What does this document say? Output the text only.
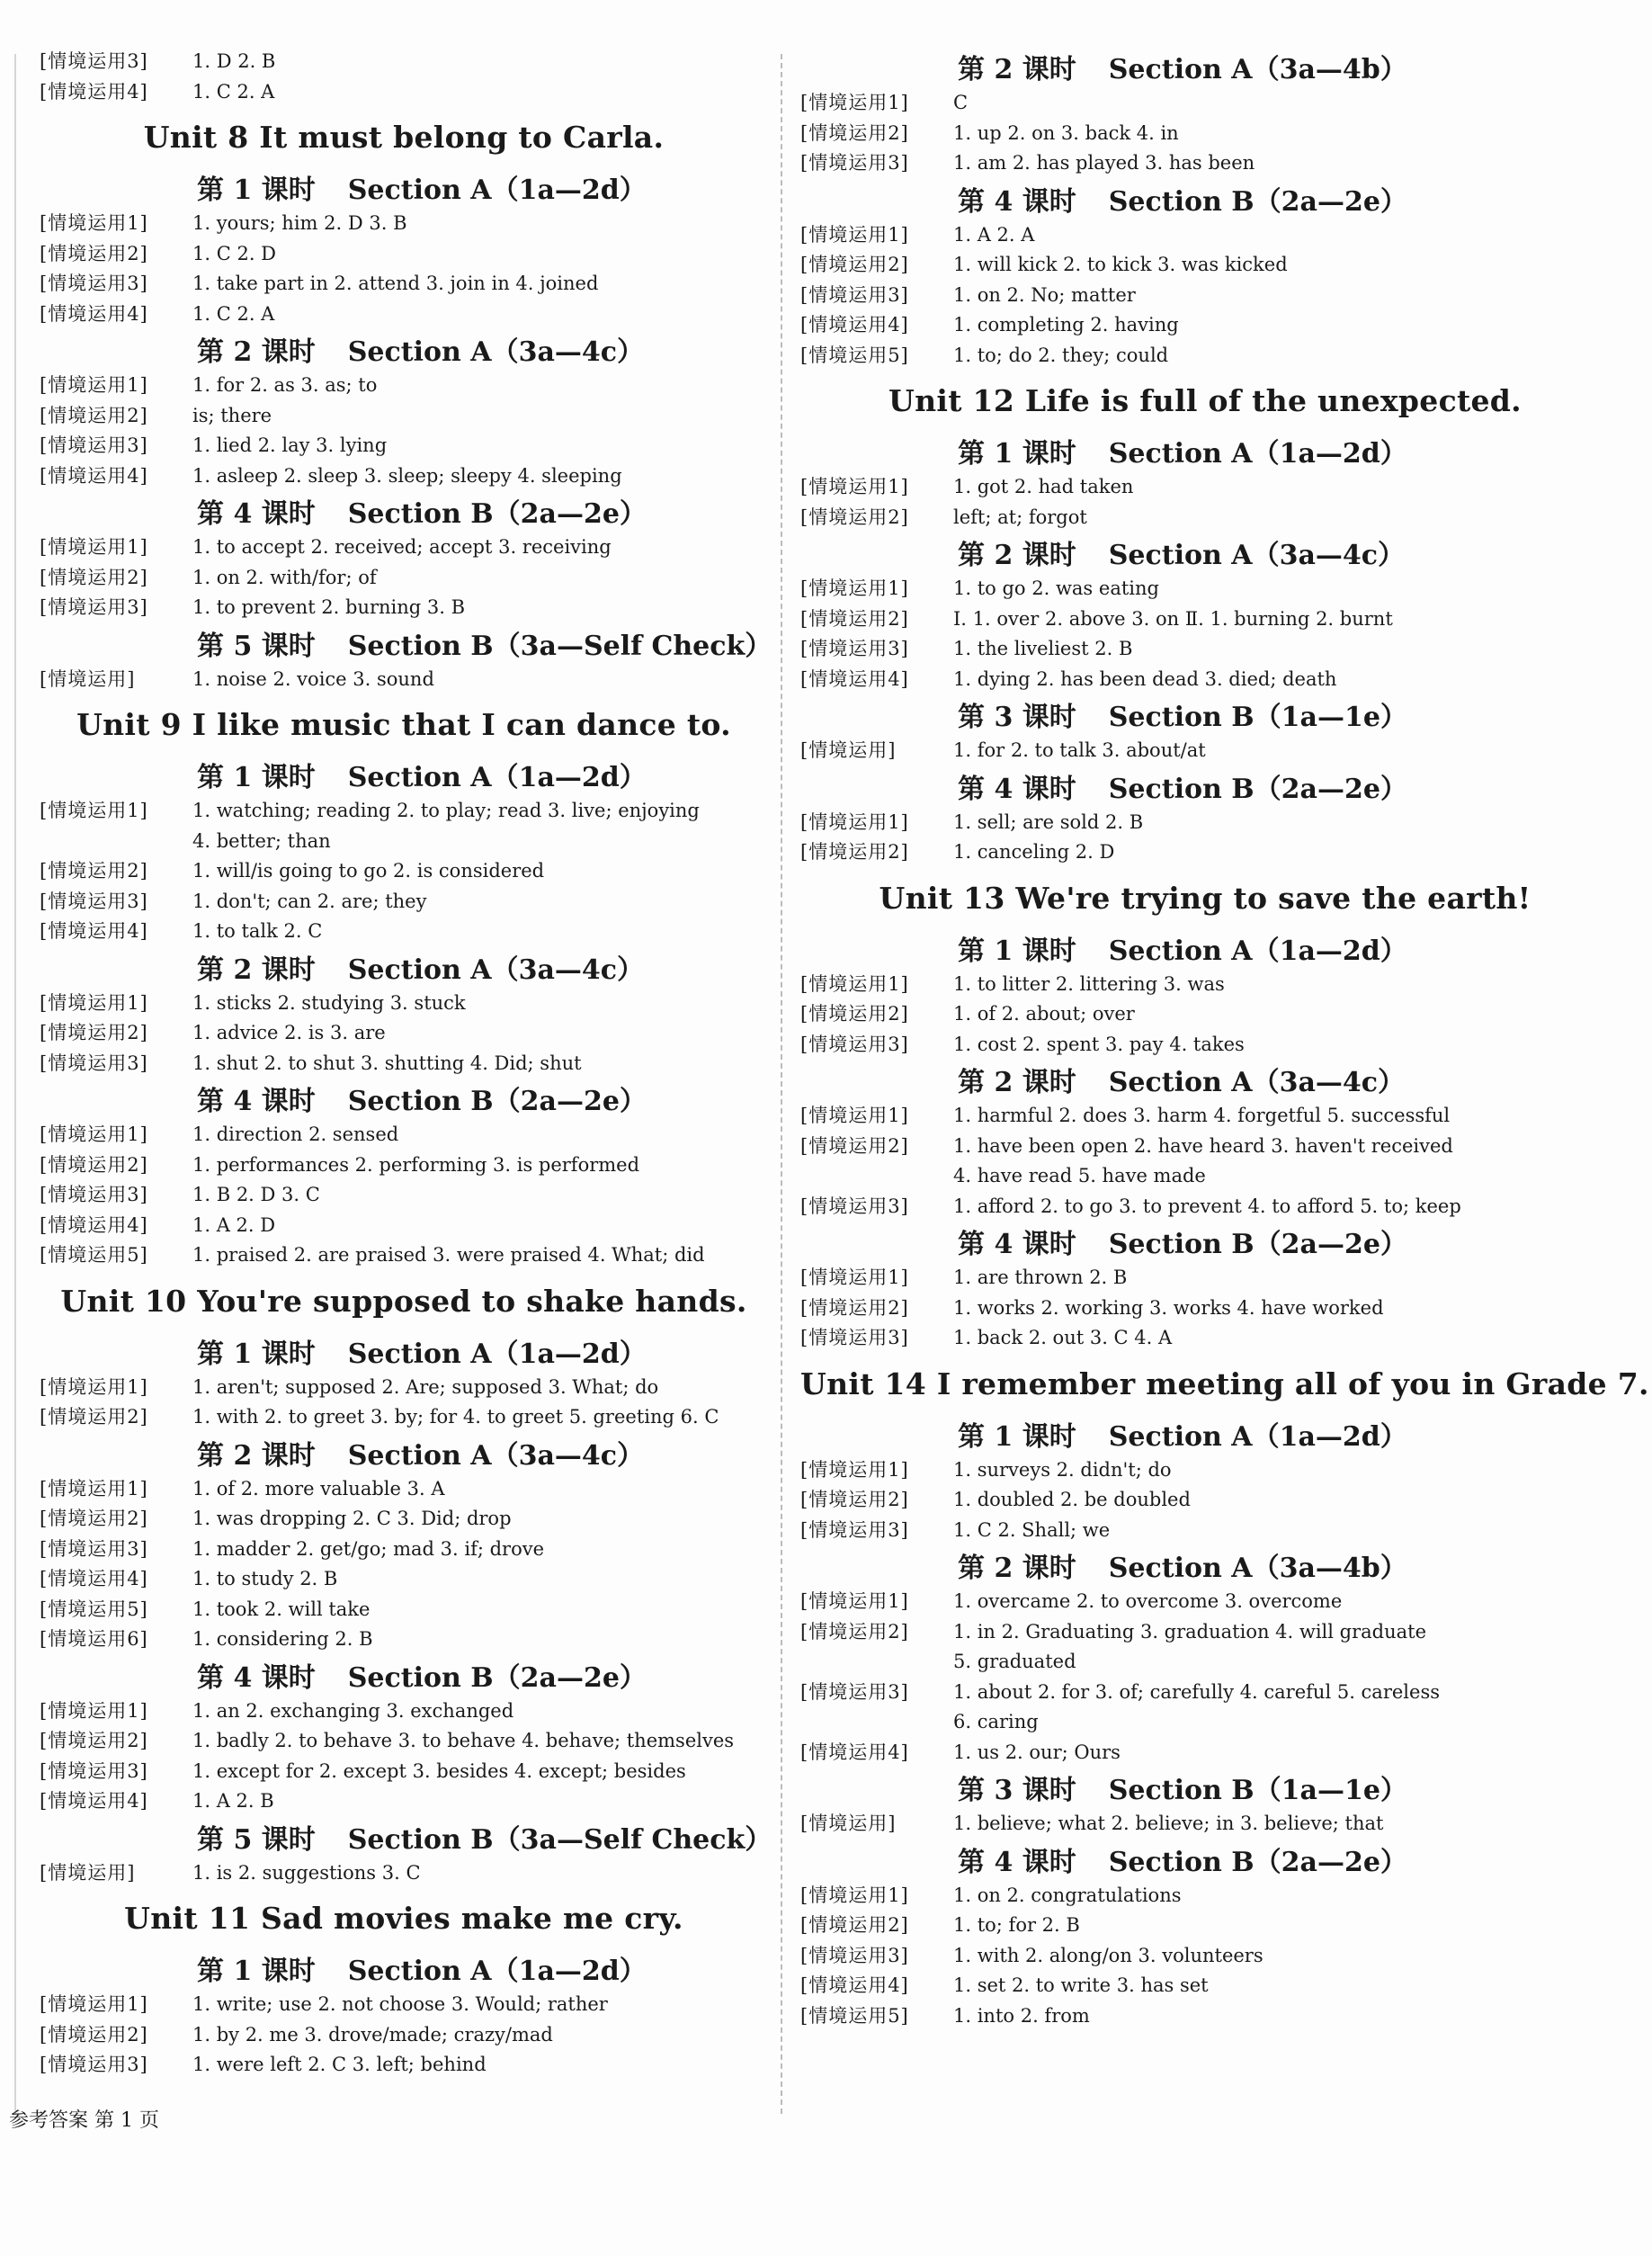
[情境运用3]	1. D 2. B
[情境运用4]	1. C 2. A
Unit 8 It must belong to Carla.
第 1 课时 Section A（1a—2d）
[情境运用1]	1. yours; him 2. D 3. B
[情境运用2]	1. C 2. D
[情境运用3]	1. take part in 2. attend 3. join in 4. joined
[情境运用4]	1. C 2. A
第 2 课时 Section A（3a—4c）
[情境运用1]	1. for 2. as 3. as; to
[情境运用2]	is; there
[情境运用3]	1. lied 2. lay 3. lying
[情境运用4]	1. asleep 2. sleep 3. sleep; sleepy 4. sleeping
第 4 课时 Section B（2a—2e）
[情境运用1]	1. to accept 2. received; accept 3. receiving
[情境运用2]	1. on 2. with/for; of
[情境运用3]	1. to prevent 2. burning 3. B
第 5 课时 Section B（3a—Self Check）
[情境运用]	1. noise 2. voice 3. sound
Unit 9 I like music that I can dance to.
第 1 课时 Section A（1a—2d）
[情境运用1]	1. watching; reading 2. to play; read 3. live; enjoying
4. better; than
[情境运用2]	1. will/is going to go 2. is considered
[情境运用3]	1. don't; can 2. are; they
[情境运用4]	1. to talk 2. C
第 2 课时 Section A（3a—4c）
[情境运用1]	1. sticks 2. studying 3. stuck
[情境运用2]	1. advice 2. is 3. are
[情境运用3]	1. shut 2. to shut 3. shutting 4. Did; shut
第 4 课时 Section B（2a—2e）
[情境运用1]	1. direction 2. sensed
[情境运用2]	1. performances 2. performing 3. is performed
[情境运用3]	1. B 2. D 3. C
[情境运用4]	1. A 2. D
[情境运用5]	1. praised 2. are praised 3. were praised 4. What; did
Unit 10 You're supposed to shake hands.
第 1 课时 Section A（1a—2d）
[情境运用1]	1. aren't; supposed 2. Are; supposed 3. What; do
[情境运用2]	1. with 2. to greet 3. by; for 4. to greet 5. greeting 6. C
第 2 课时 Section A（3a—4c）
[情境运用1]	1. of 2. more valuable 3. A
[情境运用2]	1. was dropping 2. C 3. Did; drop
[情境运用3]	1. madder 2. get/go; mad 3. if; drove
[情境运用4]	1. to study 2. B
[情境运用5]	1. took 2. will take
[情境运用6]	1. considering 2. B
第 4 课时 Section B（2a—2e）
[情境运用1]	1. an 2. exchanging 3. exchanged
[情境运用2]	1. badly 2. to behave 3. to behave 4. behave; themselves
[情境运用3]	1. except for 2. except 3. besides 4. except; besides
[情境运用4]	1. A 2. B
第 5 课时 Section B（3a—Self Check）
[情境运用]	1. is 2. suggestions 3. C
Unit 11 Sad movies make me cry.
第 1 课时 Section A（1a—2d）
[情境运用1]	1. write; use 2. not choose 3. Would; rather
[情境运用2]	1. by 2. me 3. drove/made; crazy/mad
[情境运用3]	1. were left 2. C 3. left; behind
第 2 课时 Section A（3a—4b）
[情境运用1]	C
[情境运用2]	1. up 2. on 3. back 4. in
[情境运用3]	1. am 2. has played 3. has been
第 4 课时 Section B（2a—2e）
[情境运用1]	1. A 2. A
[情境运用2]	1. will kick 2. to kick 3. was kicked
[情境运用3]	1. on 2. No; matter
[情境运用4]	1. completing 2. having
[情境运用5]	1. to; do 2. they; could
Unit 12 Life is full of the unexpected.
第 1 课时 Section A（1a—2d）
[情境运用1]	1. got 2. had taken
[情境运用2]	left; at; forgot
第 2 课时 Section A（3a—4c）
[情境运用1]	1. to go 2. was eating
[情境运用2]	Ⅰ. 1. over 2. above 3. on Ⅱ. 1. burning 2. burnt
[情境运用3]	1. the liveliest 2. B
[情境运用4]	1. dying 2. has been dead 3. died; death
第 3 课时 Section B（1a—1e）
[情境运用]	1. for 2. to talk 3. about/at
第 4 课时 Section B（2a—2e）
[情境运用1]	1. sell; are sold 2. B
[情境运用2]	1. canceling 2. D
Unit 13 We're trying to save the earth!
第 1 课时 Section A（1a—2d）
[情境运用1]	1. to litter 2. littering 3. was
[情境运用2]	1. of 2. about; over
[情境运用3]	1. cost 2. spent 3. pay 4. takes
第 2 课时 Section A（3a—4c）
[情境运用1]	1. harmful 2. does 3. harm 4. forgetful 5. successful
[情境运用2]	1. have been open 2. have heard 3. haven't received
4. have read 5. have made
[情境运用3]	1. afford 2. to go 3. to prevent 4. to afford 5. to; keep
第 4 课时 Section B（2a—2e）
[情境运用1]	1. are thrown 2. B
[情境运用2]	1. works 2. working 3. works 4. have worked
[情境运用3]	1. back 2. out 3. C 4. A
Unit 14 I remember meeting all of you in Grade 7.
第 1 课时 Section A（1a—2d）
[情境运用1]	1. surveys 2. didn't; do
[情境运用2]	1. doubled 2. be doubled
[情境运用3]	1. C 2. Shall; we
第 2 课时 Section A（3a—4b）
[情境运用1]	1. overcame 2. to overcome 3. overcome
[情境运用2]	1. in 2. Graduating 3. graduation 4. will graduate
5. graduated
[情境运用3]	1. about 2. for 3. of; carefully 4. careful 5. careless
6. caring
[情境运用4]	1. us 2. our; Ours
第 3 课时 Section B（1a—1e）
[情境运用]	1. believe; what 2. believe; in 3. believe; that
第 4 课时 Section B（2a—2e）
[情境运用1]	1. on 2. congratulations
[情境运用2]	1. to; for 2. B
[情境运用3]	1. with 2. along/on 3. volunteers
[情境运用4]	1. set 2. to write 3. has set
[情境运用5]	1. into 2. from
参考答案 第 1 页
